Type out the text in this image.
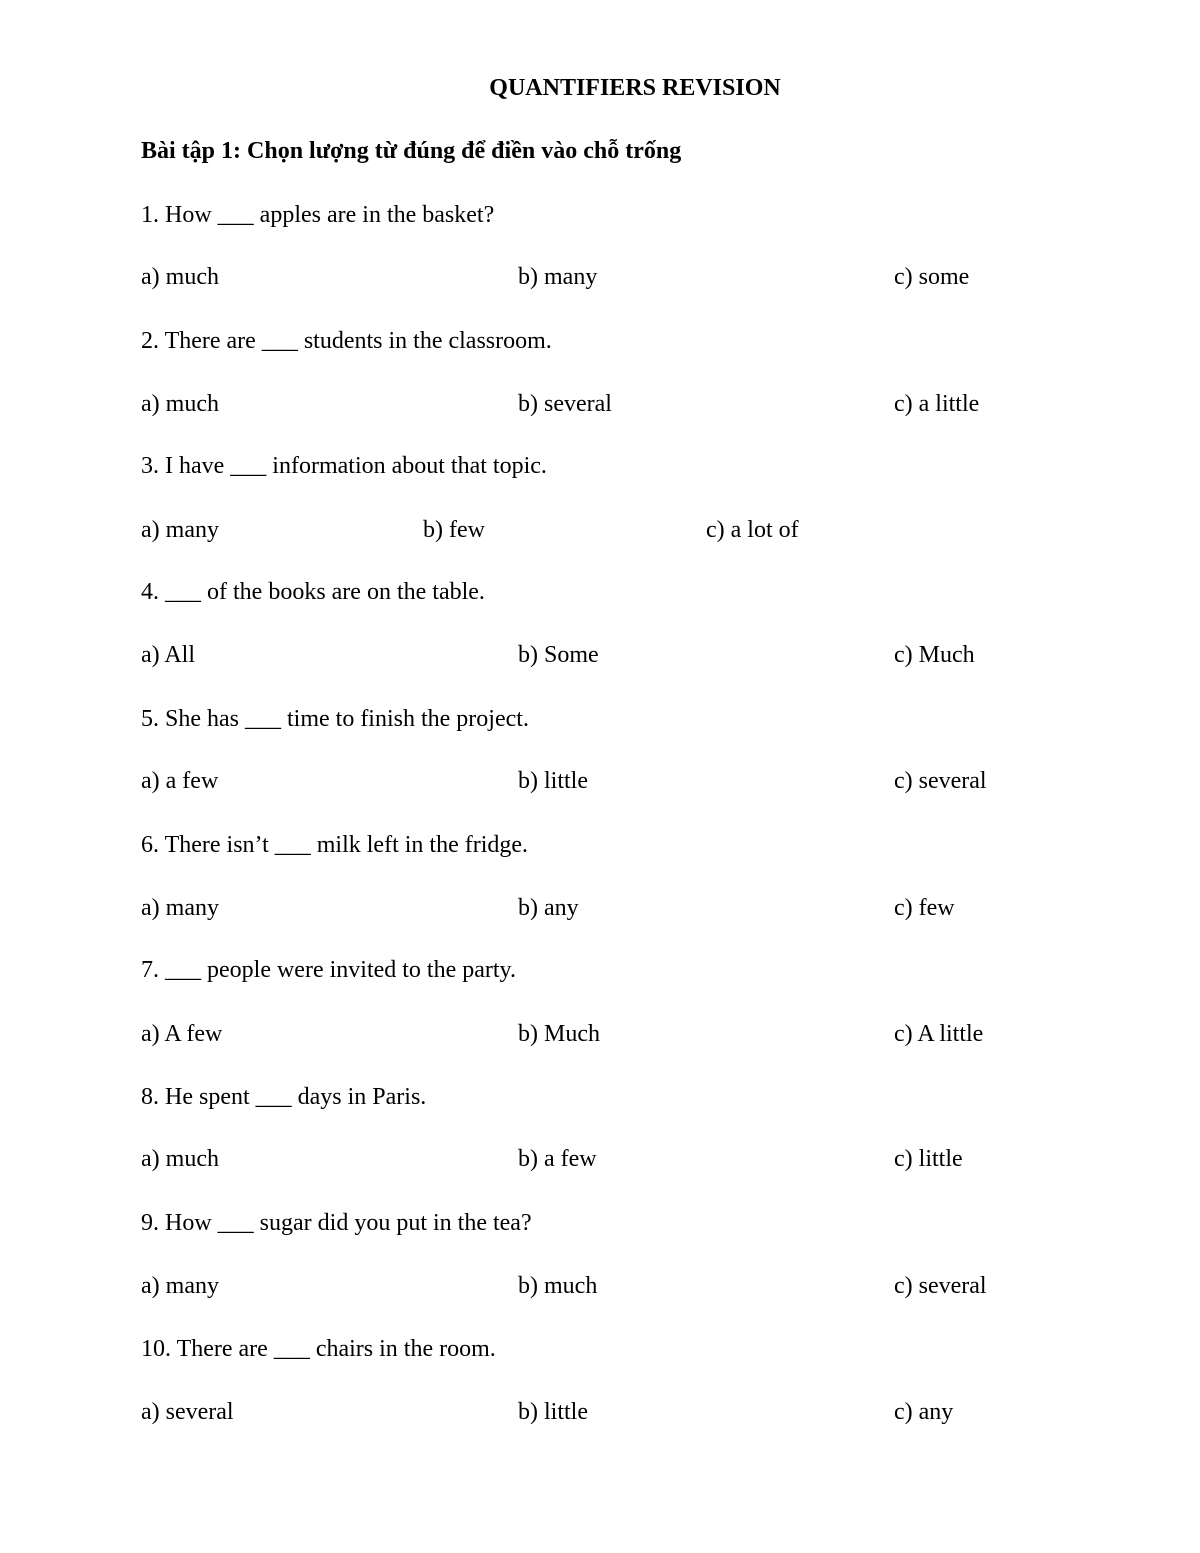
QUANTIFIERS REVISION
Bài tập 1: Chọn lượng từ đúng để điền vào chỗ trống
1. How ___ apples are in the basket?
a) much	b) many	c) some
2. There are ___ students in the classroom.
a) much	b) several	c) a little
3. I have ___ information about that topic.
a) many	b) few	c) a lot of
4. ___ of the books are on the table.
a) All	b) Some	c) Much
5. She has ___ time to finish the project.
a) a few	b) little	c) several
6. There isn’t ___ milk left in the fridge.
a) many	b) any	c) few
7. ___ people were invited to the party.
a) A few	b) Much	c) A little
8. He spent ___ days in Paris.
a) much	b) a few	c) little
9. How ___ sugar did you put in the tea?
a) many	b) much	c) several
10. There are ___ chairs in the room.
a) several	b) little	c) any
